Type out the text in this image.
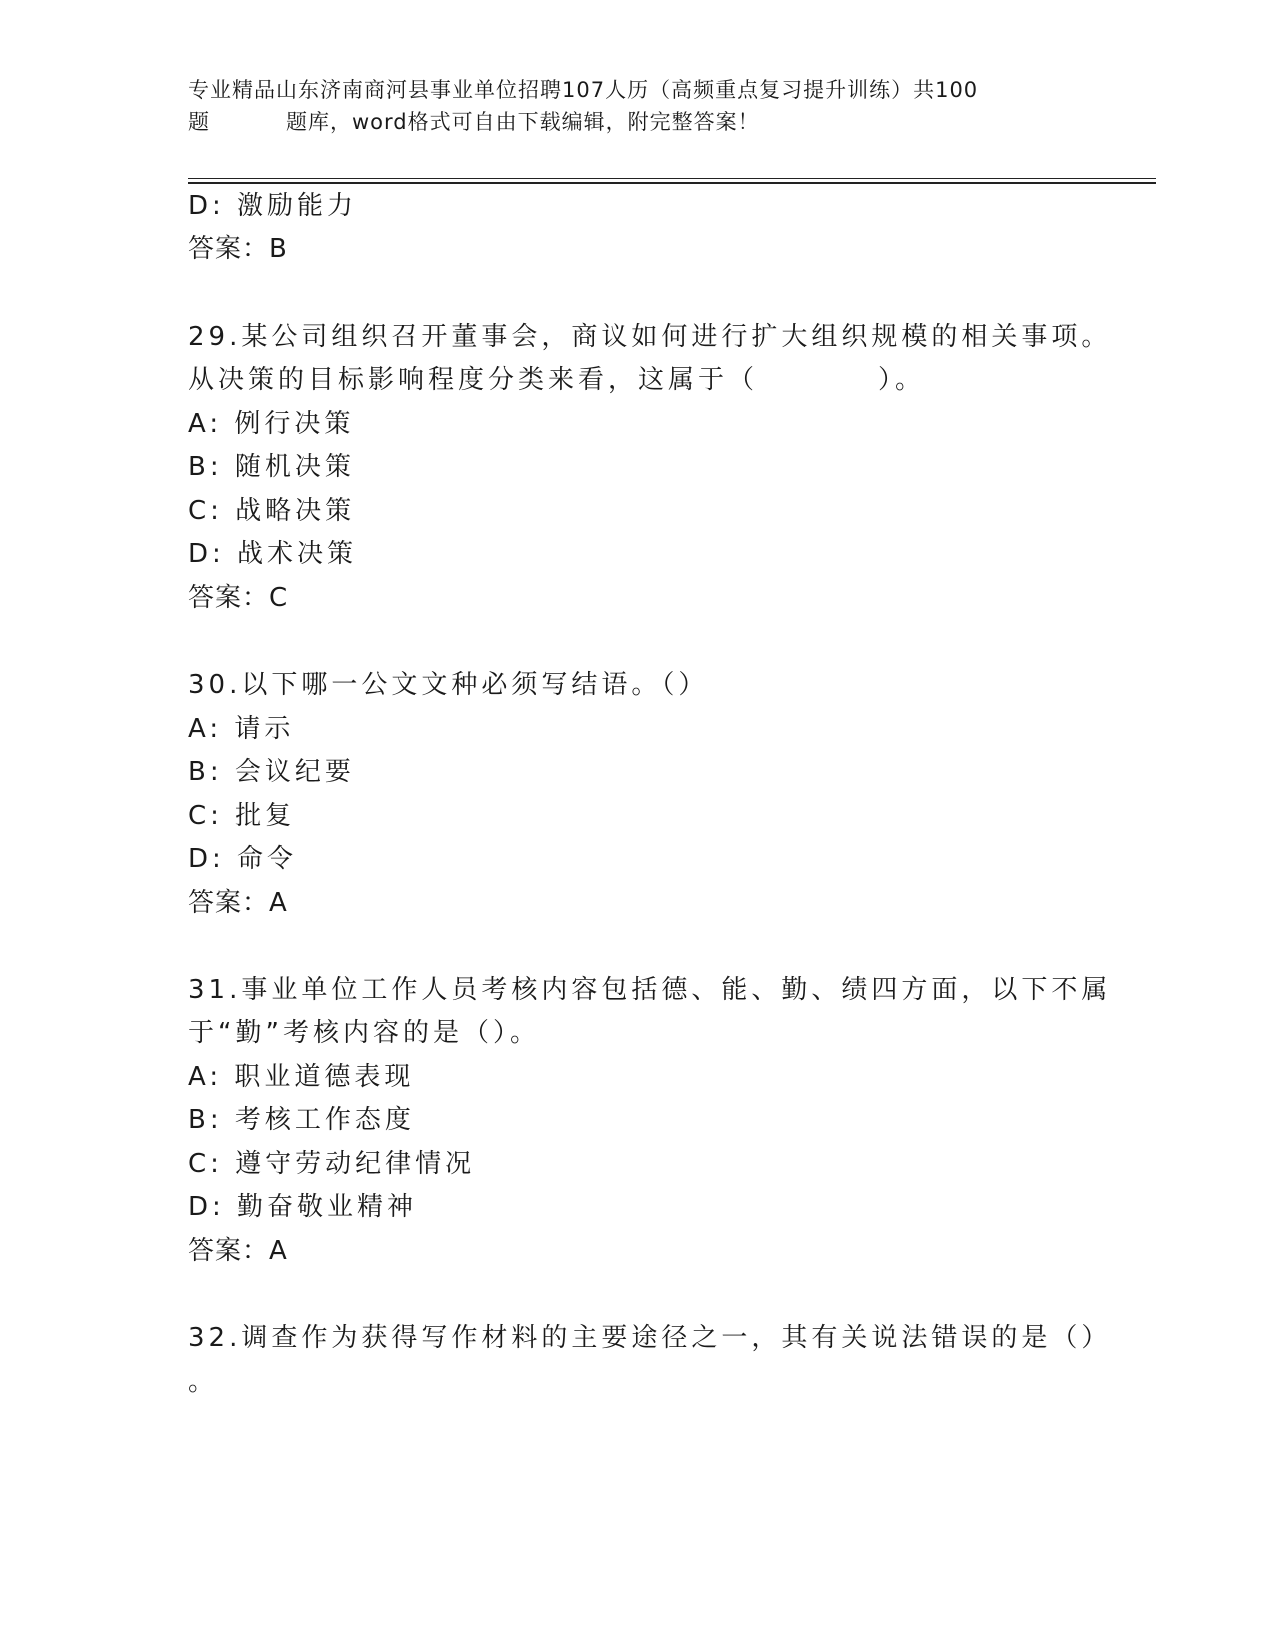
专业精品山东济南商河县事业单位招聘107人历（高频重点复习提升训练）共100
题	题库，word格式可自由下载编辑，附完整答案！
D: 激励能力
答案：B
29.某公司组织召开董事会，商议如何进行扩大组织规模的相关事项。
从决策的目标影响程度分类来看，这属于（　　　　）。
A: 例行决策
B: 随机决策
C: 战略决策
D: 战术决策
答案：C
30.以下哪一公文文种必须写结语。（）
A: 请示
B: 会议纪要
C: 批复
D: 命令
答案：A
31.事业单位工作人员考核内容包括德、能、勤、绩四方面，以下不属
于“勤”考核内容的是（）。
A: 职业道德表现
B: 考核工作态度
C: 遵守劳动纪律情况
D: 勤奋敬业精神
答案：A
32.调查作为获得写作材料的主要途径之一，其有关说法错误的是（）
。
